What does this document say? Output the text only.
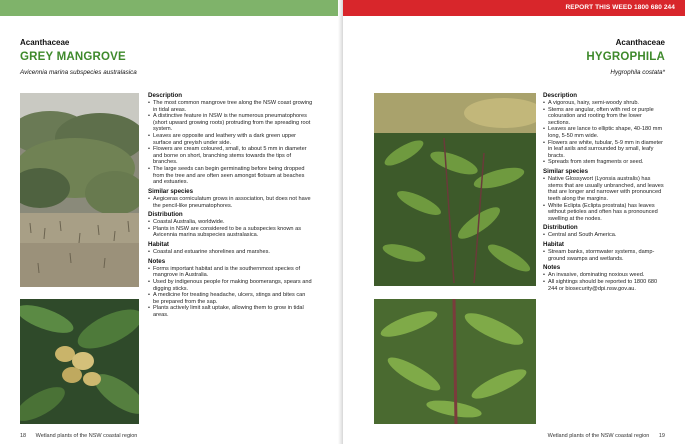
Acanthaceae
GREY MANGROVE
Avicennia marina subspecies australasica
Description
• The most common mangrove tree along the NSW coast growing in tidal areas.
• A distinctive feature in NSW is the numerous pneumatophores (short upward growing roots) protruding from the spreading root system.
• Leaves are opposite and leathery with a dark green upper surface and greyish under side.
• Flowers are cream coloured, small, to about 5 mm in diameter and borne on short, branching stems towards the tips of branches.
• The large seeds can begin germinating before being dropped from the tree and are often seen amongst flotsam at beaches and estuaries.
Similar species
• Aegiceras corniculatum grows in association, but does not have the pencil-like pneumatophores.
Distribution
• Coastal Australia, worldwide.
• Plants in NSW are considered to be a subspecies known as Avicennia marina subspecies australasica.
Habitat
• Coastal and estuarine shorelines and marshes.
Notes
• Forms important habitat and is the southernmost species of mangrove in Australia.
• Used by indigenous people for making boomerangs, spears and digging sticks.
• A medicine for treating headache, ulcers, stings and bites can be prepared from the sap.
• Plants actively limit salt uptake, allowing them to grow in tidal areas.
18 Wetland plants of the NSW coastal region
REPORT THIS WEED 1800 680 244
Acanthaceae
HYGROPHILA
Hygrophila costata*
Description
• A vigorous, hairy, semi-woody shrub.
• Stems are angular, often with red or purple colouration and rooting from the lower sections.
• Leaves are lance to elliptic shape, 40-180 mm long, 5-50 mm wide.
• Flowers are white, tubular, 5-9 mm in diameter in leaf axils and surrounded by small, leafy bracts.
• Spreads from stem fragments or seed.
Similar species
• Native Glossywort (Lyonsia australis) has stems that are usually unbranched, and leaves that are longer and narrower with pronounced teeth along the margins.
• White Eclipta (Eclipta prostrata) has leaves without petioles and often has a pronounced swelling at the nodes.
Distribution
• Central and South America.
Habitat
• Stream banks, stormwater systems, damp-ground swamps and wetlands.
Notes
• An invasive, dominating noxious weed.
• All sightings should be reported to 1800 680 244 or biosecurity@dpi.nsw.gov.au.
Wetland plants of the NSW coastal region 19
